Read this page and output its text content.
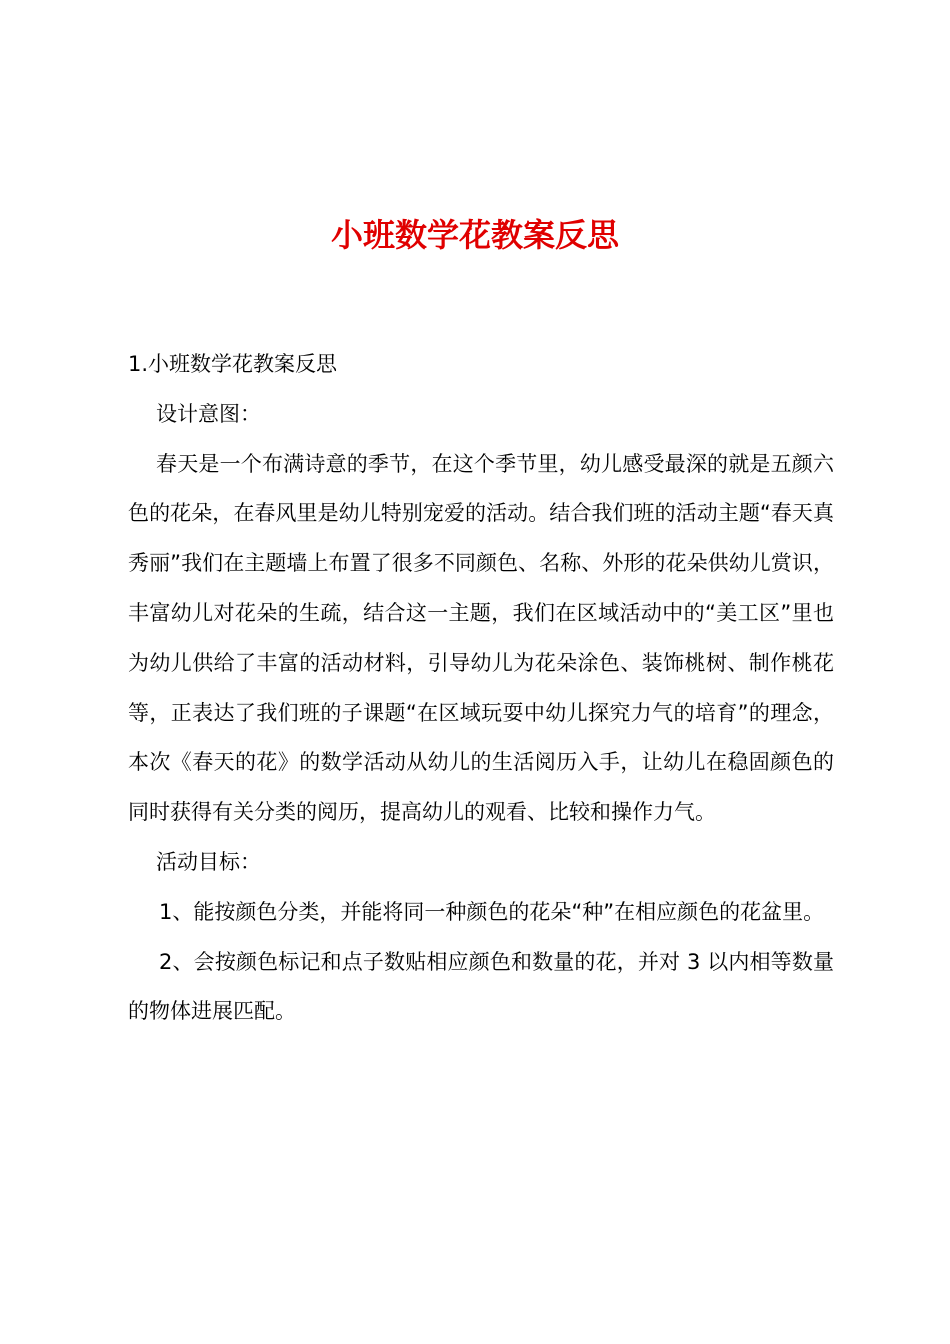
小班数学花教案反思

1.小班数学花教案反思

设计意图：

春天是一个布满诗意的季节，在这个季节里，幼儿感受最深的就是五颜六色的花朵，在春风里是幼儿特别宠爱的活动。结合我们班的活动主题“春天真秀丽”我们在主题墙上布置了很多不同颜色、名称、外形的花朵供幼儿赏识，丰富幼儿对花朵的生疏，结合这一主题，我们在区域活动中的“美工区”里也为幼儿供给了丰富的活动材料，引导幼儿为花朵涂色、装饰桃树、制作桃花等，正表达了我们班的子课题“在区域玩耍中幼儿探究力气的培育”的理念，本次《春天的花》的数学活动从幼儿的生活阅历入手，让幼儿在稳固颜色的同时获得有关分类的阅历，提高幼儿的观看、比较和操作力气。

活动目标：

1、能按颜色分类，并能将同一种颜色的花朵“种”在相应颜色的花盆里。

2、会按颜色标记和点子数贴相应颜色和数量的花，并对 3 以内相等数量的物体进展匹配。
